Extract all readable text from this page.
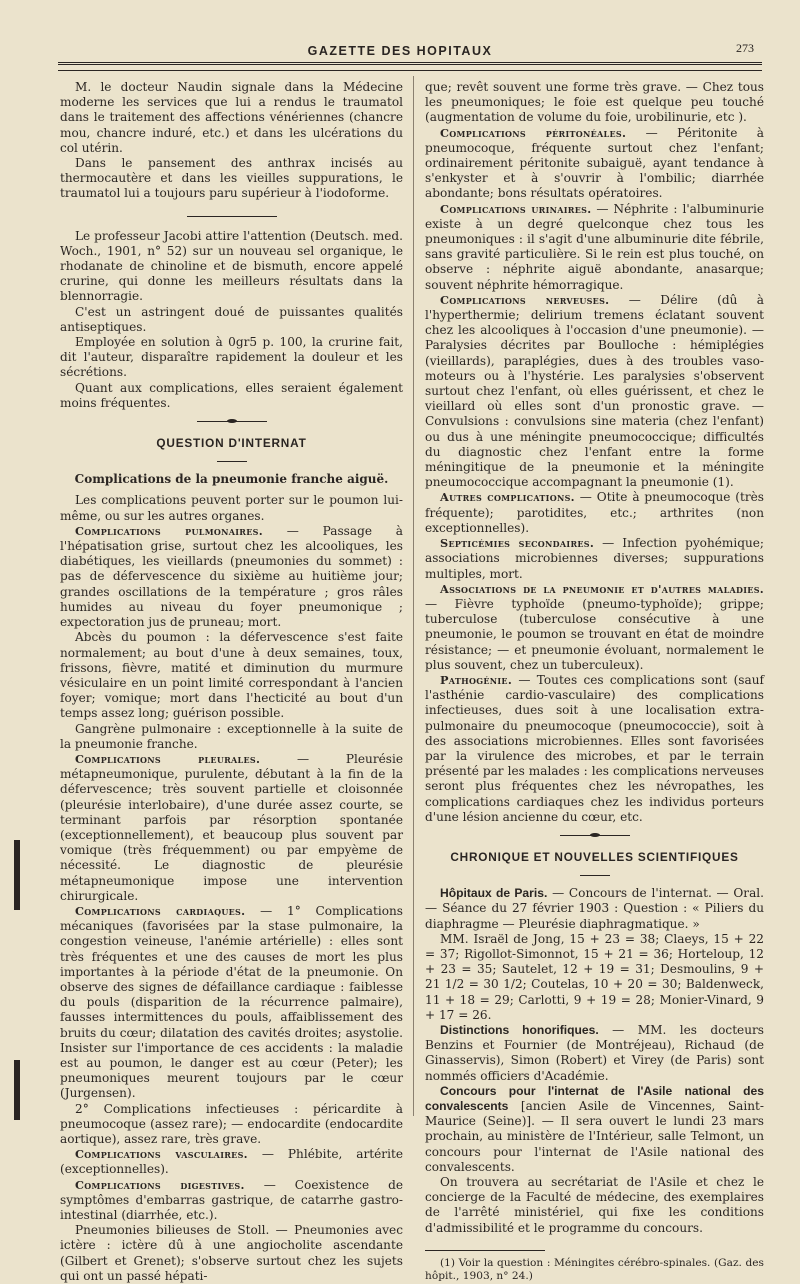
GAZETTE DES HOPITAUX	273

M. le docteur Naudin signale dans la Médecine moderne les services que lui a rendus le traumatol dans le traitement des affections vénériennes (chancre mou, chancre induré, etc.) et dans les ulcérations du col utérin.

Dans le pansement des anthrax incisés au thermocautère et dans les vieilles suppurations, le traumatol lui a toujours paru supérieur à l'iodoforme.

Le professeur Jacobi attire l'attention (Deutsch. med. Woch., 1901, n° 52) sur un nouveau sel organique, le rhodanate de chinoline et de bismuth, encore appelé crurine, qui donne les meilleurs résultats dans la blennorragie.

C'est un astringent doué de puissantes qualités antiseptiques.

Employée en solution à 0gr5 p. 100, la crurine fait, dit l'auteur, disparaître rapidement la douleur et les sécrétions.

Quant aux complications, elles seraient également moins fréquentes.

QUESTION D'INTERNAT
Complications de la pneumonie franche aiguë.

Les complications peuvent porter sur le poumon lui-même, ou sur les autres organes.

Complications pulmonaires. — Passage à l'hépatisation grise, surtout chez les alcooliques, les diabétiques, les vieillards (pneumonies du sommet) : pas de défervescence du sixième au huitième jour; grandes oscillations de la température ; gros râles humides au niveau du foyer pneumonique ; expectoration jus de pruneau; mort.

Abcès du poumon : la défervescence s'est faite normalement; au bout d'une à deux semaines, toux, frissons, fièvre, matité et diminution du murmure vésiculaire en un point limité correspondant à l'ancien foyer; vomique; mort dans l'hecticité au bout d'un temps assez long; guérison possible.

Gangrène pulmonaire : exceptionnelle à la suite de la pneumonie franche.

Complications pleurales. — Pleurésie métapneumonique, purulente, débutant à la fin de la défervescence; très souvent partielle et cloisonnée (pleurésie interlobaire), d'une durée assez courte, se terminant parfois par résorption spontanée (exceptionnellement), et beaucoup plus souvent par vomique (très fréquemment) ou par empyème de nécessité. Le diagnostic de pleurésie métapneumonique impose une intervention chirurgicale.

Complications cardiaques. — 1° Complications mécaniques (favorisées par la stase pulmonaire, la congestion veineuse, l'anémie artérielle) : elles sont très fréquentes et une des causes de mort les plus importantes à la période d'état de la pneumonie. On observe des signes de défaillance cardiaque : faiblesse du pouls (disparition de la récurrence palmaire), fausses intermittences du pouls, affaiblissement des bruits du cœur; dilatation des cavités droites; asystolie. Insister sur l'importance de ces accidents : la maladie est au poumon, le danger est au cœur (Peter); les pneumoniques meurent toujours par le cœur (Jurgensen).

2° Complications infectieuses : péricardite à pneumocoque (assez rare); — endocardite (endocardite aortique), assez rare, très grave.

Complications vasculaires. — Phlébite, artérite (exceptionnelles).

Complications digestives. — Coexistence de symptômes d'embarras gastrique, de catarrhe gastro-intestinal (diarrhée, etc.).

Pneumonies bilieuses de Stoll. — Pneumonies avec ictère : ictère dû à une angiocholite ascendante (Gilbert et Grenet); s'observe surtout chez les sujets qui ont un passé hépati-

que; revêt souvent une forme très grave. — Chez tous les pneumoniques; le foie est quelque peu touché (augmentation de volume du foie, urobilinurie, etc ).

Complications péritonéales. — Péritonite à pneumocoque, fréquente surtout chez l'enfant; ordinairement péritonite subaiguë, ayant tendance à s'enkyster et à s'ouvrir à l'ombilic; diarrhée abondante; bons résultats opératoires.

Complications urinaires. — Néphrite : l'albuminurie existe à un degré quelconque chez tous les pneumoniques : il s'agit d'une albuminurie dite fébrile, sans gravité particulière. Si le rein est plus touché, on observe : néphrite aiguë abondante, anasarque; souvent néphrite hémorragique.

Complications nerveuses. — Délire (dû à l'hyperthermie; delirium tremens éclatant souvent chez les alcooliques à l'occasion d'une pneumonie). — Paralysies décrites par Boulloche : hémiplégies (vieillards), paraplégies, dues à des troubles vaso-moteurs ou à l'hystérie. Les paralysies s'observent surtout chez l'enfant, où elles guérissent, et chez le vieillard où elles sont d'un pronostic grave. — Convulsions : convulsions sine materia (chez l'enfant) ou dus à une méningite pneumococcique; difficultés du diagnostic chez l'enfant entre la forme méningitique de la pneumonie et la méningite pneumococcique accompagnant la pneumonie (1).

Autres complications. — Otite à pneumocoque (très fréquente); parotidites, etc.; arthrites (non exceptionnelles).

Septicémies secondaires. — Infection pyohémique; associations microbiennes diverses; suppurations multiples, mort.

Associations de la pneumonie et d'autres maladies. — Fièvre typhoïde (pneumo-typhoïde); grippe; tuberculose (tuberculose consécutive à une pneumonie, le poumon se trouvant en état de moindre résistance; — et pneumonie évoluant, normalement le plus souvent, chez un tuberculeux).

Pathogénie. — Toutes ces complications sont (sauf l'asthénie cardio-vasculaire) des complications infectieuses, dues soit à une localisation extra-pulmonaire du pneumocoque (pneumococcie), soit à des associations microbiennes. Elles sont favorisées par la virulence des microbes, et par le terrain présenté par les malades : les complications nerveuses seront plus fréquentes chez les névropathes, les complications cardiaques chez les individus porteurs d'une lésion ancienne du cœur, etc.

CHRONIQUE ET NOUVELLES SCIENTIFIQUES

Hôpitaux de Paris. — Concours de l'internat. — Oral. — Séance du 27 février 1903 : Question : « Piliers du diaphragme — Pleurésie diaphragmatique. »

MM. Israël de Jong, 15 + 23 = 38; Claeys, 15 + 22 = 37; Rigollot-Simonnot, 15 + 21 = 36; Horteloup, 12 + 23 = 35; Sautelet, 12 + 19 = 31; Desmoulins, 9 + 21 1/2 = 30 1/2; Coutelas, 10 + 20 = 30; Baldenweck, 11 + 18 = 29; Carlotti, 9 + 19 = 28; Monier-Vinard, 9 + 17 = 26.

Distinctions honorifiques. — MM. les docteurs Benzins et Fournier (de Montréjeau), Richaud (de Ginasservis), Simon (Robert) et Virey (de Paris) sont nommés officiers d'Académie.

Concours pour l'internat de l'Asile national des convalescents [ancien Asile de Vincennes, Saint-Maurice (Seine)]. — Il sera ouvert le lundi 23 mars prochain, au ministère de l'Intérieur, salle Telmont, un concours pour l'internat de l'Asile national des convalescents.

On trouvera au secrétariat de l'Asile et chez le concierge de la Faculté de médecine, des exemplaires de l'arrêté ministériel, qui fixe les conditions d'admissibilité et le programme du concours.

(1) Voir la question : Méningites cérébro-spinales. (Gaz. des hôpit., 1903, n° 24.)
